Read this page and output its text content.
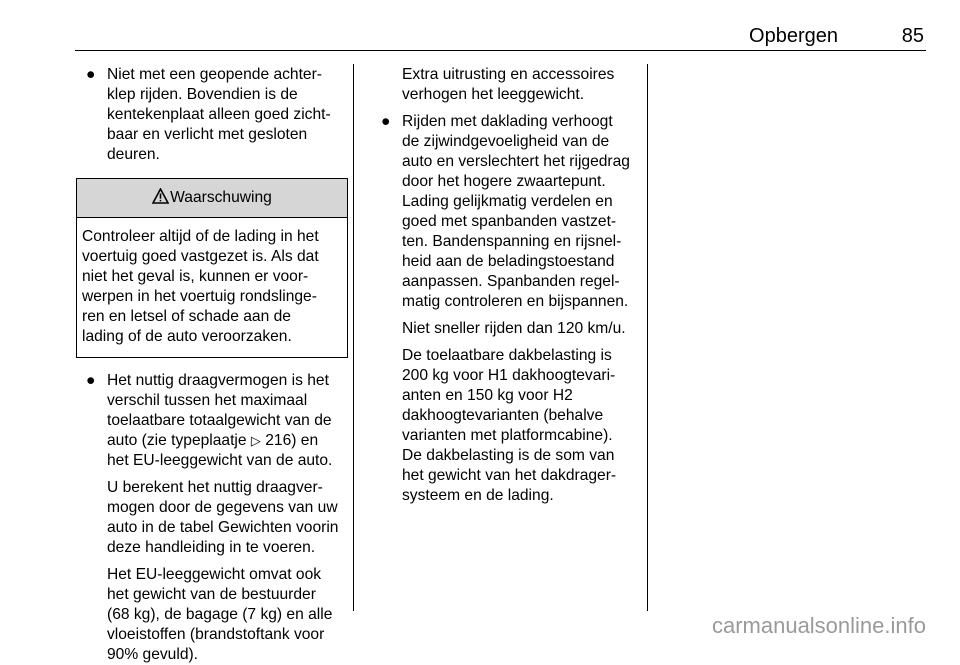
Opbergen	85
● Niet met een geopende achter-
klep rijden. Bovendien is de
kentekenplaat alleen goed zicht-
baar en verlicht met gesloten
deuren.
Waarschuwing
Controleer altijd of de lading in het
voertuig goed vastgezet is. Als dat
niet het geval is, kunnen er voor-
werpen in het voertuig rondslinge-
ren en letsel of schade aan de
lading of de auto veroorzaken.
● Het nuttig draagvermogen is het
verschil tussen het maximaal
toelaatbare totaalgewicht van de
auto (zie typeplaatje ▷ 216) en
het EU-leeggewicht van de auto.
U berekent het nuttig draagver-
mogen door de gegevens van uw
auto in de tabel Gewichten voorin
deze handleiding in te voeren.
Het EU-leeggewicht omvat ook
het gewicht van de bestuurder
(68 kg), de bagage (7 kg) en alle
vloeistoffen (brandstoftank voor
90% gevuld).
Extra uitrusting en accessoires
verhogen het leeggewicht.
● Rijden met daklading verhoogt
de zijwindgevoeligheid van de
auto en verslechtert het rijgedrag
door het hogere zwaartepunt.
Lading gelijkmatig verdelen en
goed met spanbanden vastzet-
ten. Bandenspanning en rijsnel-
heid aan de beladingstoestand
aanpassen. Spanbanden regel-
matig controleren en bijspannen.
Niet sneller rijden dan 120 km/u.
De toelaatbare dakbelasting is
200 kg voor H1 dakhoogtevari-
anten en 150 kg voor H2
dakhoogtevarianten (behalve
varianten met platformcabine).
De dakbelasting is de som van
het gewicht van het dakdrager-
systeem en de lading.
carmanualsonline.info
